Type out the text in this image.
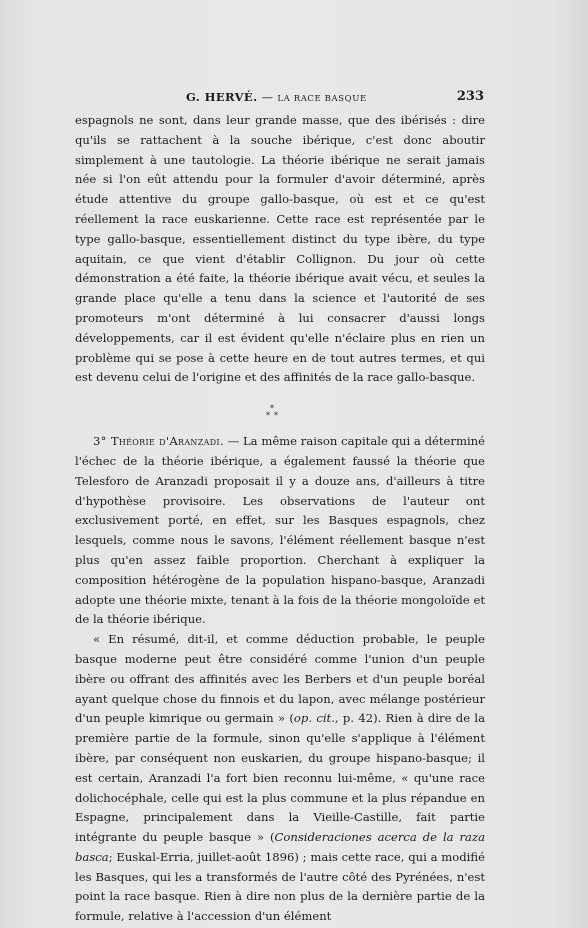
G. HERVÉ. — LA RACE BASQUE	233

espagnols ne sont, dans leur grande masse, que des ibérisés : dire qu'ils se rattachent à la souche ibérique, c'est donc aboutir simplement à une tautologie. La théorie ibérique ne serait jamais née si l'on eût attendu pour la formuler d'avoir déterminé, après étude attentive du groupe gallo-basque, où est et ce qu'est réellement la race euskarienne. Cette race est représentée par le type gallo-basque, essentiellement distinct du type ibère, du type aquitain, ce que vient d'établir Collignon. Du jour où cette démonstration a été faite, la théorie ibérique avait vécu, et seules la grande place qu'elle a tenu dans la science et l'autorité de ses promoteurs m'ont déterminé à lui consacrer d'aussi longs développements, car il est évident qu'elle n'éclaire plus en rien un problème qui se pose à cette heure en de tout autres termes, et qui est devenu celui de l'origine et des affinités de la race gallo-basque.

*
* *

3° Théorie d'Aranzadi. — La même raison capitale qui a déterminé l'échec de la théorie ibérique, a également faussé la théorie que Telesforo de Aranzadi proposait il y a douze ans, d'ailleurs à titre d'hypothèse provisoire. Les observations de l'auteur ont exclusivement porté, en effet, sur les Basques espagnols, chez lesquels, comme nous le savons, l'élément réellement basque n'est plus qu'en assez faible proportion. Cherchant à expliquer la composition hétérogène de la population hispano-basque, Aranzadi adopte une théorie mixte, tenant à la fois de la théorie mongoloïde et de la théorie ibérique.

« En résumé, dit-il, et comme déduction probable, le peuple basque moderne peut être considéré comme l'union d'un peuple ibère ou offrant des affinités avec les Berbers et d'un peuple boréal ayant quelque chose du finnois et du lapon, avec mélange postérieur d'un peuple kimrique ou germain » (op. cit., p. 42). Rien à dire de la première partie de la formule, sinon qu'elle s'applique à l'élément ibère, par conséquent non euskarien, du groupe hispano-basque; il est certain, Aranzadi l'a fort bien reconnu lui-même, « qu'une race dolichocéphale, celle qui est la plus commune et la plus répandue en Espagne, principalement dans la Vieille-Castille, fait partie intégrante du peuple basque » (Consideraciones acerca de la raza basca; Euskal-Erria, juillet-août 1896) ; mais cette race, qui a modifié les Basques, qui les a transformés de l'autre côté des Pyrénées, n'est point la race basque. Rien à dire non plus de la dernière partie de la formule, relative à l'accession d'un élément
